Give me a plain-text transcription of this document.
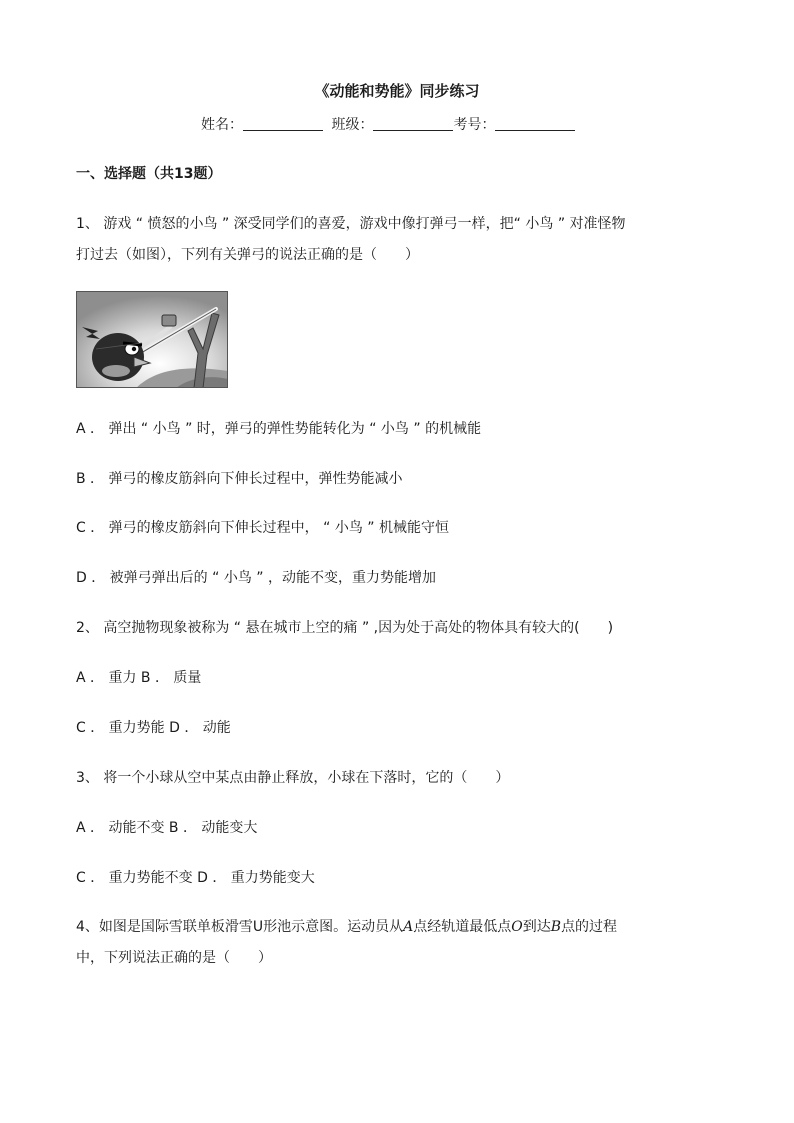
《动能和势能》同步练习
姓名：	班级：	考号：
一、选择题（共13题）
1、 游戏 “ 愤怒的小鸟 ” 深受同学们的喜爱，游戏中像打弹弓一样，把“ 小鸟 ” 对准怪物
打过去（如图），下列有关弹弓的说法正确的是（　　）
A ． 弹出 “ 小鸟 ” 时，弹弓的弹性势能转化为 “ 小鸟 ” 的机械能
B ． 弹弓的橡皮筋斜向下伸长过程中，弹性势能减小
C ． 弹弓的橡皮筋斜向下伸长过程中， “ 小鸟 ” 机械能守恒
D ． 被弹弓弹出后的 “ 小鸟 ” ，动能不变，重力势能增加
2、 高空抛物现象被称为 “ 悬在城市上空的痛 ” ,因为处于高处的物体具有较大的(　　)
A ． 重力 B ． 质量
C ． 重力势能 D ． 动能
3、 将一个小球从空中某点由静止释放，小球在下落时，它的（　　）
A ． 动能不变 B ． 动能变大
C ． 重力势能不变 D ． 重力势能变大
4、如图是国际雪联单板滑雪U形池示意图。运动员从A点经轨道最低点O到达B点的过程
中，下列说法正确的是（　　）
